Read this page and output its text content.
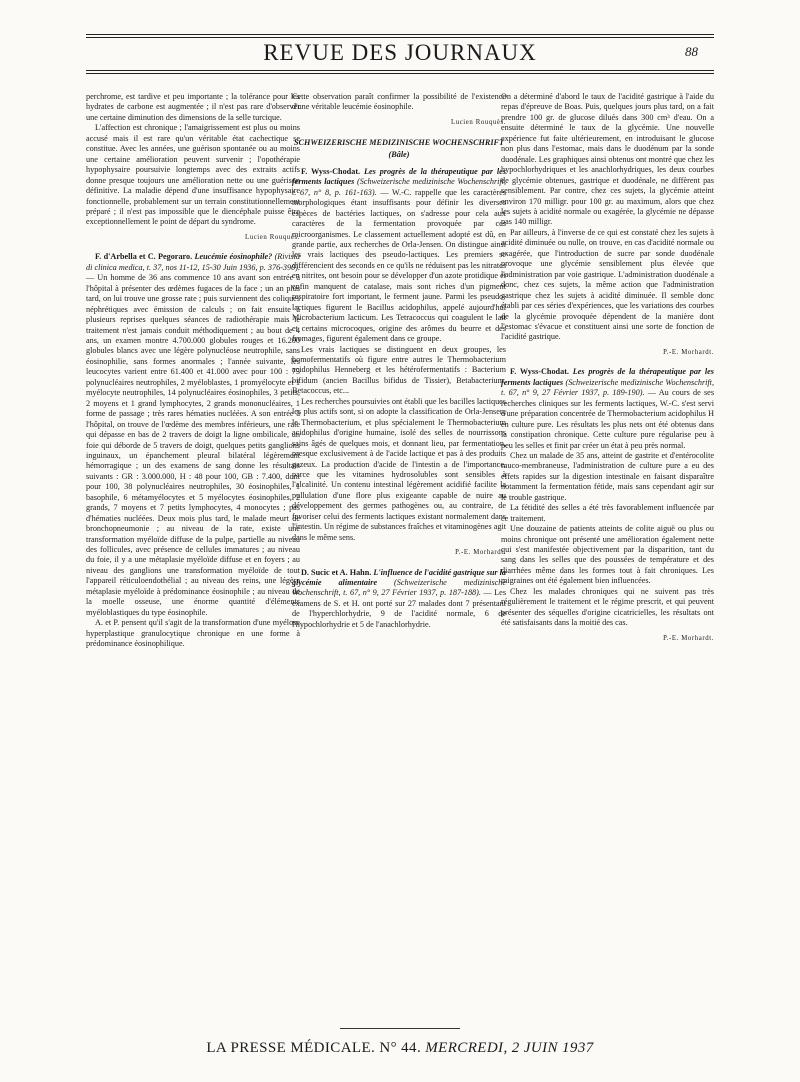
REVUE DES JOURNAUX	88

perchrome, est tardive et peu importante ; la tolérance pour les hydrates de carbone est augmentée ; il n'est pas rare d'observer une certaine diminution des dimensions de la selle turcique.

L'affection est chronique ; l'amaigrissement est plus ou moins accusé mais il est rare qu'un véritable état cachectique se constitue. Avec les années, une guérison spontanée ou au moins une certaine amélioration peuvent survenir ; l'opothérapie hypophysaire poursuivie longtemps avec des extraits actifs donne presque toujours une amélioration nette ou une guérison définitive. La maladie dépend d'une insuffisance hypophysaire fonctionnelle, probablement sur un terrain constitutionnellement préparé ; il n'est pas impossible que le diencéphale puisse être exceptionnellement le point de départ du syndrome.

Lucien Rouquès.

F. d'Arbella et C. Pegoraro. Leucémie éosinophile? (Rivista di clinica medica, t. 37, nos 11-12, 15-30 Juin 1936, p. 376-390). — Un homme de 36 ans commence 10 ans avant son entrée à l'hôpital à présenter des œdèmes fugaces de la face ; un an plus tard, on lui trouve une grosse rate ; puis surviennent des coliques néphrétiques avec émission de calculs ; on fait ensuite à plusieurs reprises quelques séances de radiothérapie mais le traitement n'est jamais conduit méthodiquement ; au bout de 4 ans, un examen montre 4.700.000 globules rouges et 16.200 globules blancs avec une légère polynucléose neutrophile, sans éosinophilie, sans formes anormales ; l'année suivante, les leucocytes varient entre 61.400 et 41.000 avec pour 100 : 73 polynucléaires neutrophiles, 2 myéloblastes, 1 promyélocyte et 1 myélocyte neutrophiles, 14 polynucléaires éosinophiles, 3 petits, 2 moyens et 1 grand lymphocytes, 2 grands mononucléaires, 1 forme de passage ; très rares hématies nucléées. A son entrée à l'hôpital, on trouve de l'œdème des membres inférieurs, une rate qui dépasse en bas de 2 travers de doigt la ligne ombilicale, un foie qui déborde de 5 travers de doigt, quelques petits ganglions inguinaux, un épanchement pleural bilatéral légèrement hémorragique ; un des examens de sang donne les résultats suivants : GR : 3.000.000, H : 48 pour 100, GB : 7.400, dont pour 100, 38 polynucléaires neutrophiles, 30 éosinophiles, 1 basophile, 6 métamyélocytes et 5 myélocytes éosinophiles, 2 grands, 7 moyens et 7 petits lymphocytes, 4 monocytes ; pas d'hématies nucléées. Deux mois plus tard, le malade meurt de bronchopneumonie ; au niveau de la rate, existe une transformation myéloïde diffuse de la pulpe, partielle au niveau des follicules, avec présence de cellules immatures ; au niveau du foie, il y a une métaplasie myéloïde diffuse et en foyers ; au niveau des ganglions une transformation myéloïde de tout l'appareil réticuloendothélial ; au niveau des reins, une légère métaplasie myéloïde à prédominance éosinophile ; au niveau de la moelle osseuse, une énorme quantité d'éléments myéloblastiques du type éosinophile.

A. et P. pensent qu'il s'agit de la transformation d'une myélose hyperplastique granulocytique chronique en une forme à prédominance éosinophilique.

Cette observation paraît confirmer la possibilité de l'existence d'une véritable leucémie éosinophile.

Lucien Rouquès.
SCHWEIZERISCHE MEDIZINISCHE WOCHENSCHRIFT
(Bâle)

F. Wyss-Chodat. Les progrès de la thérapeutique par les ferments lactiques (Schweizerische medizinische Wochenschrift, t. 67, n° 8, p. 161-163). — W.-C. rappelle que les caractères morphologiques étant insuffisants pour définir les diverses espèces de bactéries lactiques, on s'adresse pour cela aux caractères de la fermentation provoquée par ces microorganismes. Le classement actuellement adopté est dû, en grande partie, aux recherches de Orla-Jensen. On distingue ainsi les vrais lactiques des pseudo-lactiques. Les premiers se différencient des seconds en ce qu'ils ne réduisent pas les nitrates en nitrites, ont besoin pour se développer d'un azote protidique et enfin manquent de catalase, mais sont riches d'un pigment respiratoire fort important, le ferment jaune. Parmi les pseudo-lactiques figurent le Bacillus acidophilus, appelé aujourd'hui Microbacterium lacticum. Les Tetracoccus qui coagulent le lait et certains microcoques, origine des arômes du beurre et des fromages, figurent également dans ce groupe.

Les vrais lactiques se distinguent en deux groupes, les homofermentatifs où figure entre autres le Thermobacterium acidophilus Henneberg et les hétérofermentatifs : Bacterium bifidum (ancien Bacillus bifidus de Tissier), Betabacterium, Betacoccus, etc...

Les recherches poursuivies ont établi que les bacilles lactiques les plus actifs sont, si on adopte la classification de Orla-Jensen, le Thermobacterium, et plus spécialement le Thermobacterium acidophilus d'origine humaine, isolé des selles de nourrissons sains âgés de quelques mois, et donnant lieu, par fermentation, presque exclusivement à de l'acide lactique et pas à des produits gazeux. La production d'acide de l'intestin a de l'importance, parce que les vitamines hydrosolubles sont sensibles à l'alcalinité. Un contenu intestinal légèrement acidifié facilite la pullulation d'une flore plus exigeante capable de nuire au développement des germes pathogènes ou, au contraire, de favoriser celui des ferments lactiques existant normalement dans l'intestin. Un régime de substances fraîches et vitaminogènes agit dans le même sens.

P.-E. Morhardt.

D. Sucic et A. Hahn. L'influence de l'acidité gastrique sur la glycémie alimentaire (Schweizerische medizinische Wochenschrift, t. 67, n° 9, 27 Février 1937, p. 187-188). — Les examens de S. et H. ont porté sur 27 malades dont 7 présentant de l'hyperchlorhydrie, 9 de l'acidité normale, 6 de l'hypochlorhydrie et 5 de l'anachlorhydrie.

On a déterminé d'abord le taux de l'acidité gastrique à l'aide du repas d'épreuve de Boas. Puis, quelques jours plus tard, on a fait prendre 100 gr. de glucose dilués dans 300 cm³ d'eau. On a ensuite déterminé le taux de la glycémie. Une nouvelle expérience fut faite ultérieurement, en introduisant le glucose non plus dans l'estomac, mais dans le duodénum par la sonde duodénale. Les graphiques ainsi obtenus ont montré que chez les hypochlorhydriques et les anachlorhydriques, les deux courbes de glycémie obtenues, gastrique et duodénale, ne diffèrent pas sensiblement. Par contre, chez ces sujets, la glycémie atteint environ 170 milligr. pour 100 gr. au maximum, alors que chez les sujets à acidité normale ou exagérée, la glycémie ne dépasse pas 140 milligr.

Par ailleurs, à l'inverse de ce qui est constaté chez les sujets à acidité diminuée ou nulle, on trouve, en cas d'acidité normale ou exagérée, que l'introduction de sucre par sonde duodénale provoque une glycémie sensiblement plus élevée que l'administration par voie gastrique. L'administration duodénale a donc, chez ces sujets, la même action que l'administration gastrique chez les sujets à acidité diminuée. Il semble donc établi par ces séries d'expériences, que les variations des courbes de la glycémie provoquée dépendent de la manière dont l'estomac s'évacue et constituent ainsi une sorte de fonction de l'acidité gastrique.

P.-E. Morhardt.

F. Wyss-Chodat. Les progrès de la thérapeutique par les ferments lactiques (Schweizerische medizinische Wochenschrift, t. 67, n° 9, 27 Février 1937, p. 189-190). — Au cours de ses recherches cliniques sur les ferments lactiques, W.-C. s'est servi d'une préparation concentrée de Thermobacterium acidophilus H en culture pure. Les résultats les plus nets ont été obtenus dans la constipation chronique. Cette culture pure régularise peu à peu les selles et finit par créer un état à peu près normal.

Chez un malade de 35 ans, atteint de gastrite et d'entérocolite muco-membraneuse, l'administration de culture pure a eu des effets rapides sur la digestion intestinale en faisant disparaître notamment la fermentation fétide, mais sans cependant agir sur le trouble gastrique.

La fétidité des selles a été très favorablement influencée par ce traitement.

Une douzaine de patients atteints de colite aiguë ou plus ou moins chronique ont présenté une amélioration également nette qui s'est manifestée objectivement par la disparition, tant du sang dans les selles que des poussées de température et des diarrhées même dans les formes tout à fait chroniques. Les migraines ont été également bien influencées.

Chez les malades chroniques qui ne suivent pas très régulièrement le traitement et le régime prescrit, et qui peuvent présenter des séquelles d'origine cicatricielles, les résultats ont été satisfaisants dans la moitié des cas.

P.-E. Morhardt.
LA PRESSE MÉDICALE. N° 44. MERCREDI, 2 JUIN 1937
